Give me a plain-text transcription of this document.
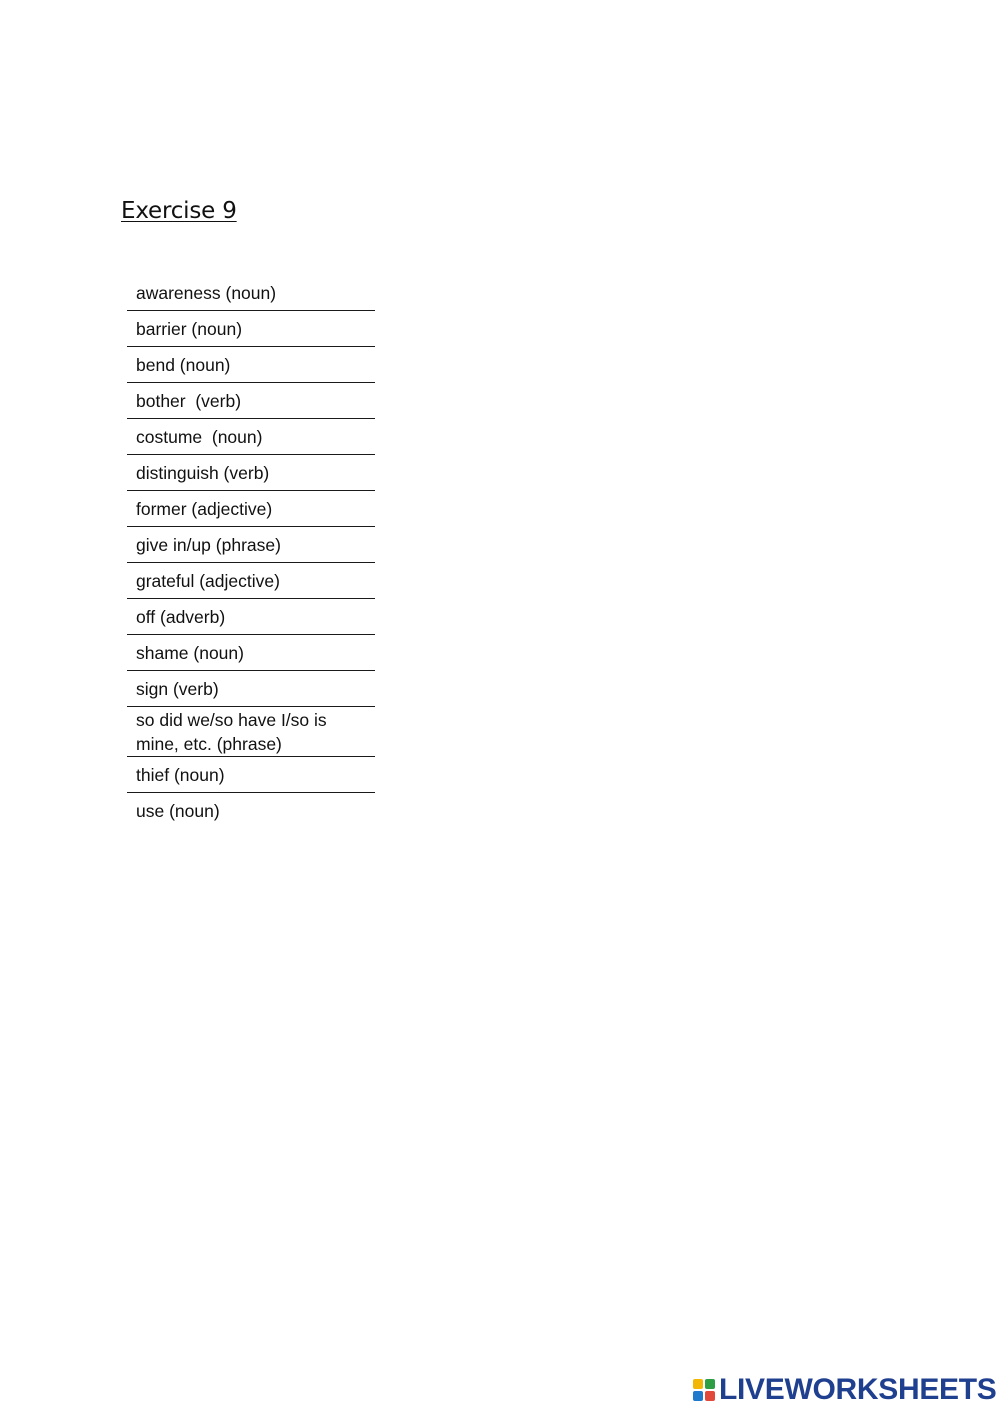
Exercise 9
awareness (noun)
barrier (noun)
bend (noun)
bother  (verb)
costume  (noun)
distinguish (verb)
former (adjective)
give in/up (phrase)
grateful (adjective)
off (adverb)
shame (noun)
sign (verb)
so did we/so have I/so is mine, etc. (phrase)
thief (noun)
use (noun)
LIVEWORKSHEETS
